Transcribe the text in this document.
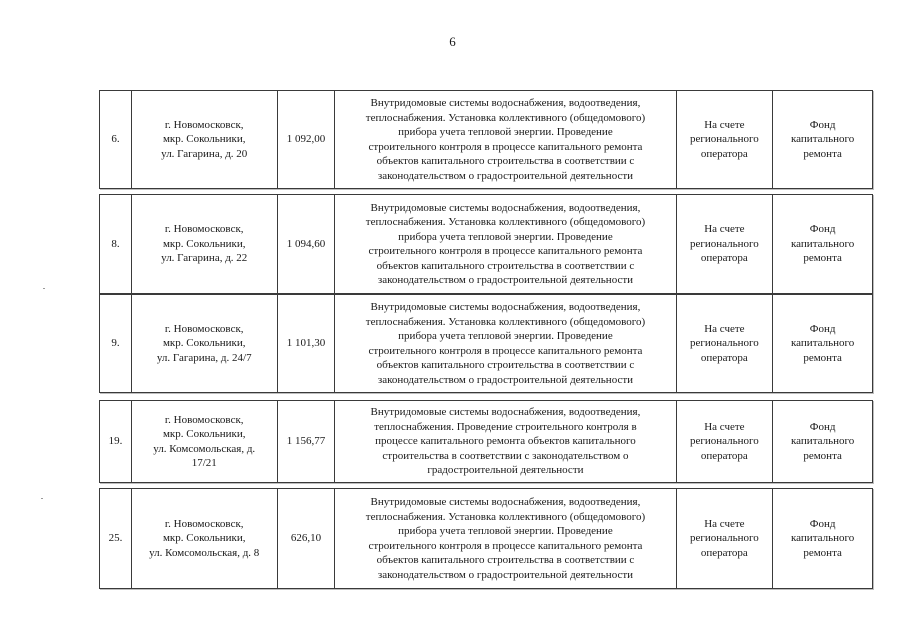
6
6.
г. Новомосковск,
мкр. Сокольники,
ул. Гагарина, д. 20
1 092,00
Внутридомовые системы водоснабжения, водоотведения,
теплоснабжения. Установка коллективного (общедомового)
прибора учета тепловой энергии. Проведение
строительного контроля в процессе капитального ремонта
объектов капитального строительства в соответствии с
законодательством о градостроительной деятельности
На счете
регионального
оператора
Фонд
капитального
ремонта
8.
г. Новомосковск,
мкр. Сокольники,
ул. Гагарина, д. 22
1 094,60
Внутридомовые системы водоснабжения, водоотведения,
теплоснабжения. Установка коллективного (общедомового)
прибора учета тепловой энергии. Проведение
строительного контроля в процессе капитального ремонта
объектов капитального строительства в соответствии с
законодательством о градостроительной деятельности
На счете
регионального
оператора
Фонд
капитального
ремонта
9.
г. Новомосковск,
мкр. Сокольники,
ул. Гагарина, д. 24/7
1 101,30
Внутридомовые системы водоснабжения, водоотведения,
теплоснабжения. Установка коллективного (общедомового)
прибора учета тепловой энергии. Проведение
строительного контроля в процессе капитального ремонта
объектов капитального строительства в соответствии с
законодательством о градостроительной деятельности
На счете
регионального
оператора
Фонд
капитального
ремонта
19.
г. Новомосковск,
мкр. Сокольники,
ул. Комсомольская, д.
17/21
1 156,77
Внутридомовые системы водоснабжения, водоотведения,
теплоснабжения. Проведение строительного контроля в
процессе капитального ремонта объектов капитального
строительства в соответствии с законодательством о
градостроительной деятельности
На счете
регионального
оператора
Фонд
капитального
ремонта
25.
г. Новомосковск,
мкр. Сокольники,
ул. Комсомольская, д. 8
626,10
Внутридомовые системы водоснабжения, водоотведения,
теплоснабжения. Установка коллективного (общедомового)
прибора учета тепловой энергии. Проведение
строительного контроля в процессе капитального ремонта
объектов капитального строительства в соответствии с
законодательством о градостроительной деятельности
На счете
регионального
оператора
Фонд
капитального
ремонта
